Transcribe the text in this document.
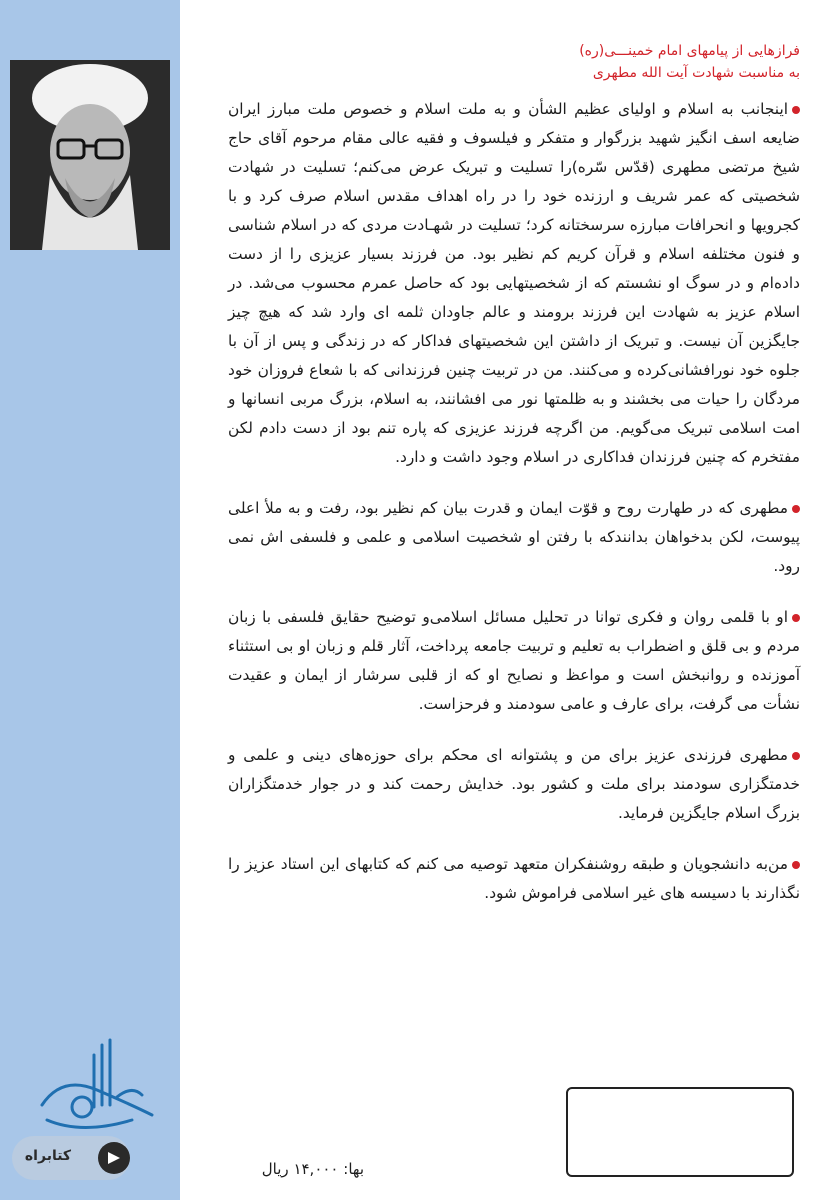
کتابراه
فرازهایی از پیامهای امام خمینـــی(ره)
به مناسبت شهادت آیت الله مطهری

اینجانب به اسلام و اولیای عظیم الشأن و به ملت اسلام و خصوص ملت مبارز ایران ضایعه اسف انگیز شهید بزرگوار و متفکر و فیلسوف و فقیه عالی مقام مرحوم آقای حاج شیخ مرتضی مطهری (قدّس سّره)را تسلیت و تبریک عرض می‌کنم؛ تسلیت در شهادت شخصیتی که عمر شریف و ارزنده خود را در راه اهداف مقدس اسلام صرف کرد و با کجرویها و انحرافات مبارزه سرسختانه کرد؛ تسلیت در شهـادت مردی که در اسلام شناسی و فنون مختلفه اسلام و قرآن کریم کم نظیر بود. من فرزند بسیار عزیزی را از دست داده‌ام و در سوگ او نشستم که از شخصیتهایی بود که حاصل عمرم محسوب می‌شد. در اسلام عزیز به شهادت این فرزند برومند و عالم جاودان ثلمه ای وارد شد که هیچ چیز جایگزین آن نیست. و تبریک از داشتن این شخصیتهای فداکار که در زندگی و پس از آن با جلوه خود نورافشانی‌کرده و می‌کنند. من در تربیت چنین فرزندانی که با شعاع فروزان خود مردگان را حیات می بخشند و به ظلمتها نور می افشانند، به اسلام، بزرگ مربی انسانها و امت اسلامی تبریک می‌گویم. من اگرچه فرزند عزیزی که پاره تنم بود از دست دادم لکن مفتخرم که چنین فرزندان فداکاری در اسلام وجود داشت و دارد.

مطهری که در طهارت روح و قوّت ایمان و قدرت بیان کم نظیر بود، رفت و به ملأ اعلی پیوست، لکن بدخواهان بدانندکه با رفتن او شخصیت اسلامی و علمی و فلسفی اش نمی رود.

او با قلمی روان و فکری توانا در تحلیل مسائل اسلامی‌و توضیح حقایق فلسفی با زبان مردم و بی قلق و اضطراب به تعلیم و تربیت جامعه پرداخت، آثار قلم و زبان او بی استثناء آموزنده و روانبخش است و مواعظ و نصایح او که از قلبی سرشار از ایمان و عقیدت نشأت می گرفت، برای عارف و عامی سودمند و فرحزاست.

مطهری فرزندی عزیز برای من و پشتوانه ای محکم برای حوزه‌های دینی و علمی و خدمتگزاری سودمند برای ملت و کشور بود. خدایش رحمت کند و در جوار خدمتگزاران بزرگ اسلام جایگزین فرماید.

من‌به دانشجویان و طبقه روشنفکران متعهد توصیه می کنم که کتابهای این استاد عزیز را نگذارند با دسیسه های غیر اسلامی فراموش شود.

بها: ۱۴,۰۰۰ ریال
